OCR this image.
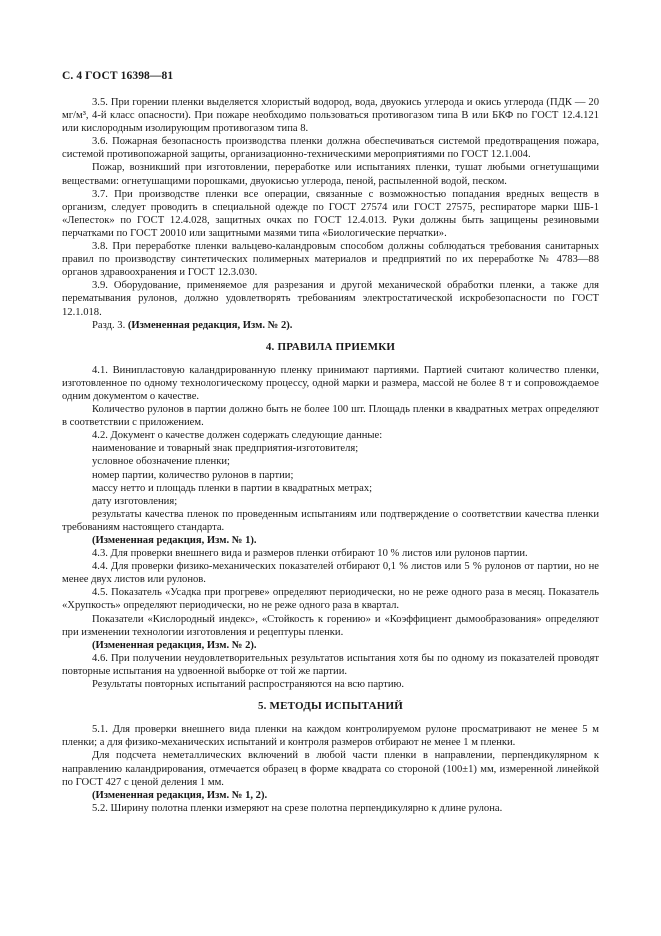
С. 4 ГОСТ 16398—81

3.5. При горении пленки выделяется хлористый водород, вода, двуокись углерода и окись углерода (ПДК — 20 мг/м³, 4-й класс опасности). При пожаре необходимо пользоваться противогазом типа В или БКФ по ГОСТ 12.4.121 или кислородным изолирующим противогазом типа 8.

3.6. Пожарная безопасность производства пленки должна обеспечиваться системой предотвращения пожара, системой противопожарной защиты, организационно-техническими мероприятиями по ГОСТ 12.1.004.

Пожар, возникший при изготовлении, переработке или испытаниях пленки, тушат любыми огнетушащими веществами: огнетушащими порошками, двуокисью углерода, пеной, распыленной водой, песком.

3.7. При производстве пленки все операции, связанные с возможностью попадания вредных веществ в организм, следует проводить в специальной одежде по ГОСТ 27574 или ГОСТ 27575, респираторе марки ШБ-1 «Лепесток» по ГОСТ 12.4.028, защитных очках по ГОСТ 12.4.013. Руки должны быть защищены резиновыми перчатками по ГОСТ 20010 или защитными мазями типа «Биологические перчатки».

3.8. При переработке пленки вальцево-каландровым способом должны соблюдаться требования санитарных правил по производству синтетических полимерных материалов и предприятий по их переработке № 4783—88 органов здравоохранения и ГОСТ 12.3.030.

3.9. Оборудование, применяемое для разрезания и другой механической обработки пленки, а также для перематывания рулонов, должно удовлетворять требованиям электростатической искробезопасности по ГОСТ 12.1.018.

Разд. 3. (Измененная редакция, Изм. № 2).

4. ПРАВИЛА ПРИЕМКИ

4.1. Винипластовую каландрированную пленку принимают партиями. Партией считают количество пленки, изготовленное по одному технологическому процессу, одной марки и размера, массой не более 8 т и сопровождаемое одним документом о качестве.

Количество рулонов в партии должно быть не более 100 шт. Площадь пленки в квадратных метрах определяют в соответствии с приложением.

4.2. Документ о качестве должен содержать следующие данные:

наименование и товарный знак предприятия-изготовителя;

условное обозначение пленки;

номер партии, количество рулонов в партии;

массу нетто и площадь пленки в партии в квадратных метрах;

дату изготовления;

результаты качества пленок по проведенным испытаниям или подтверждение о соответствии качества пленки требованиям настоящего стандарта.

(Измененная редакция, Изм. № 1).

4.3. Для проверки внешнего вида и размеров пленки отбирают 10 % листов или рулонов партии.

4.4. Для проверки физико-механических показателей отбирают 0,1 % листов или 5 % рулонов от партии, но не менее двух листов или рулонов.

4.5. Показатель «Усадка при прогреве» определяют периодически, но не реже одного раза в месяц. Показатель «Хрупкость» определяют периодически, но не реже одного раза в квартал.

Показатели «Кислородный индекс», «Стойкость к горению» и «Коэффициент дымообразования» определяют при изменении технологии изготовления и рецептуры пленки.

(Измененная редакция, Изм. № 2).

4.6. При получении неудовлетворительных результатов испытания хотя бы по одному из показателей проводят повторные испытания на удвоенной выборке от той же партии.

Результаты повторных испытаний распространяются на всю партию.

5. МЕТОДЫ ИСПЫТАНИЙ

5.1. Для проверки внешнего вида пленки на каждом контролируемом рулоне просматривают не менее 5 м пленки; а для физико-механических испытаний и контроля размеров отбирают не менее 1 м пленки.

Для подсчета неметаллических включений в любой части пленки в направлении, перпендикулярном к направлению каландрирования, отмечается образец в форме квадрата со стороной (100±1) мм, измеренной линейкой по ГОСТ 427 с ценой деления 1 мм.

(Измененная редакция, Изм. № 1, 2).

5.2. Ширину полотна пленки измеряют на срезе полотна перпендикулярно к длине рулона.
